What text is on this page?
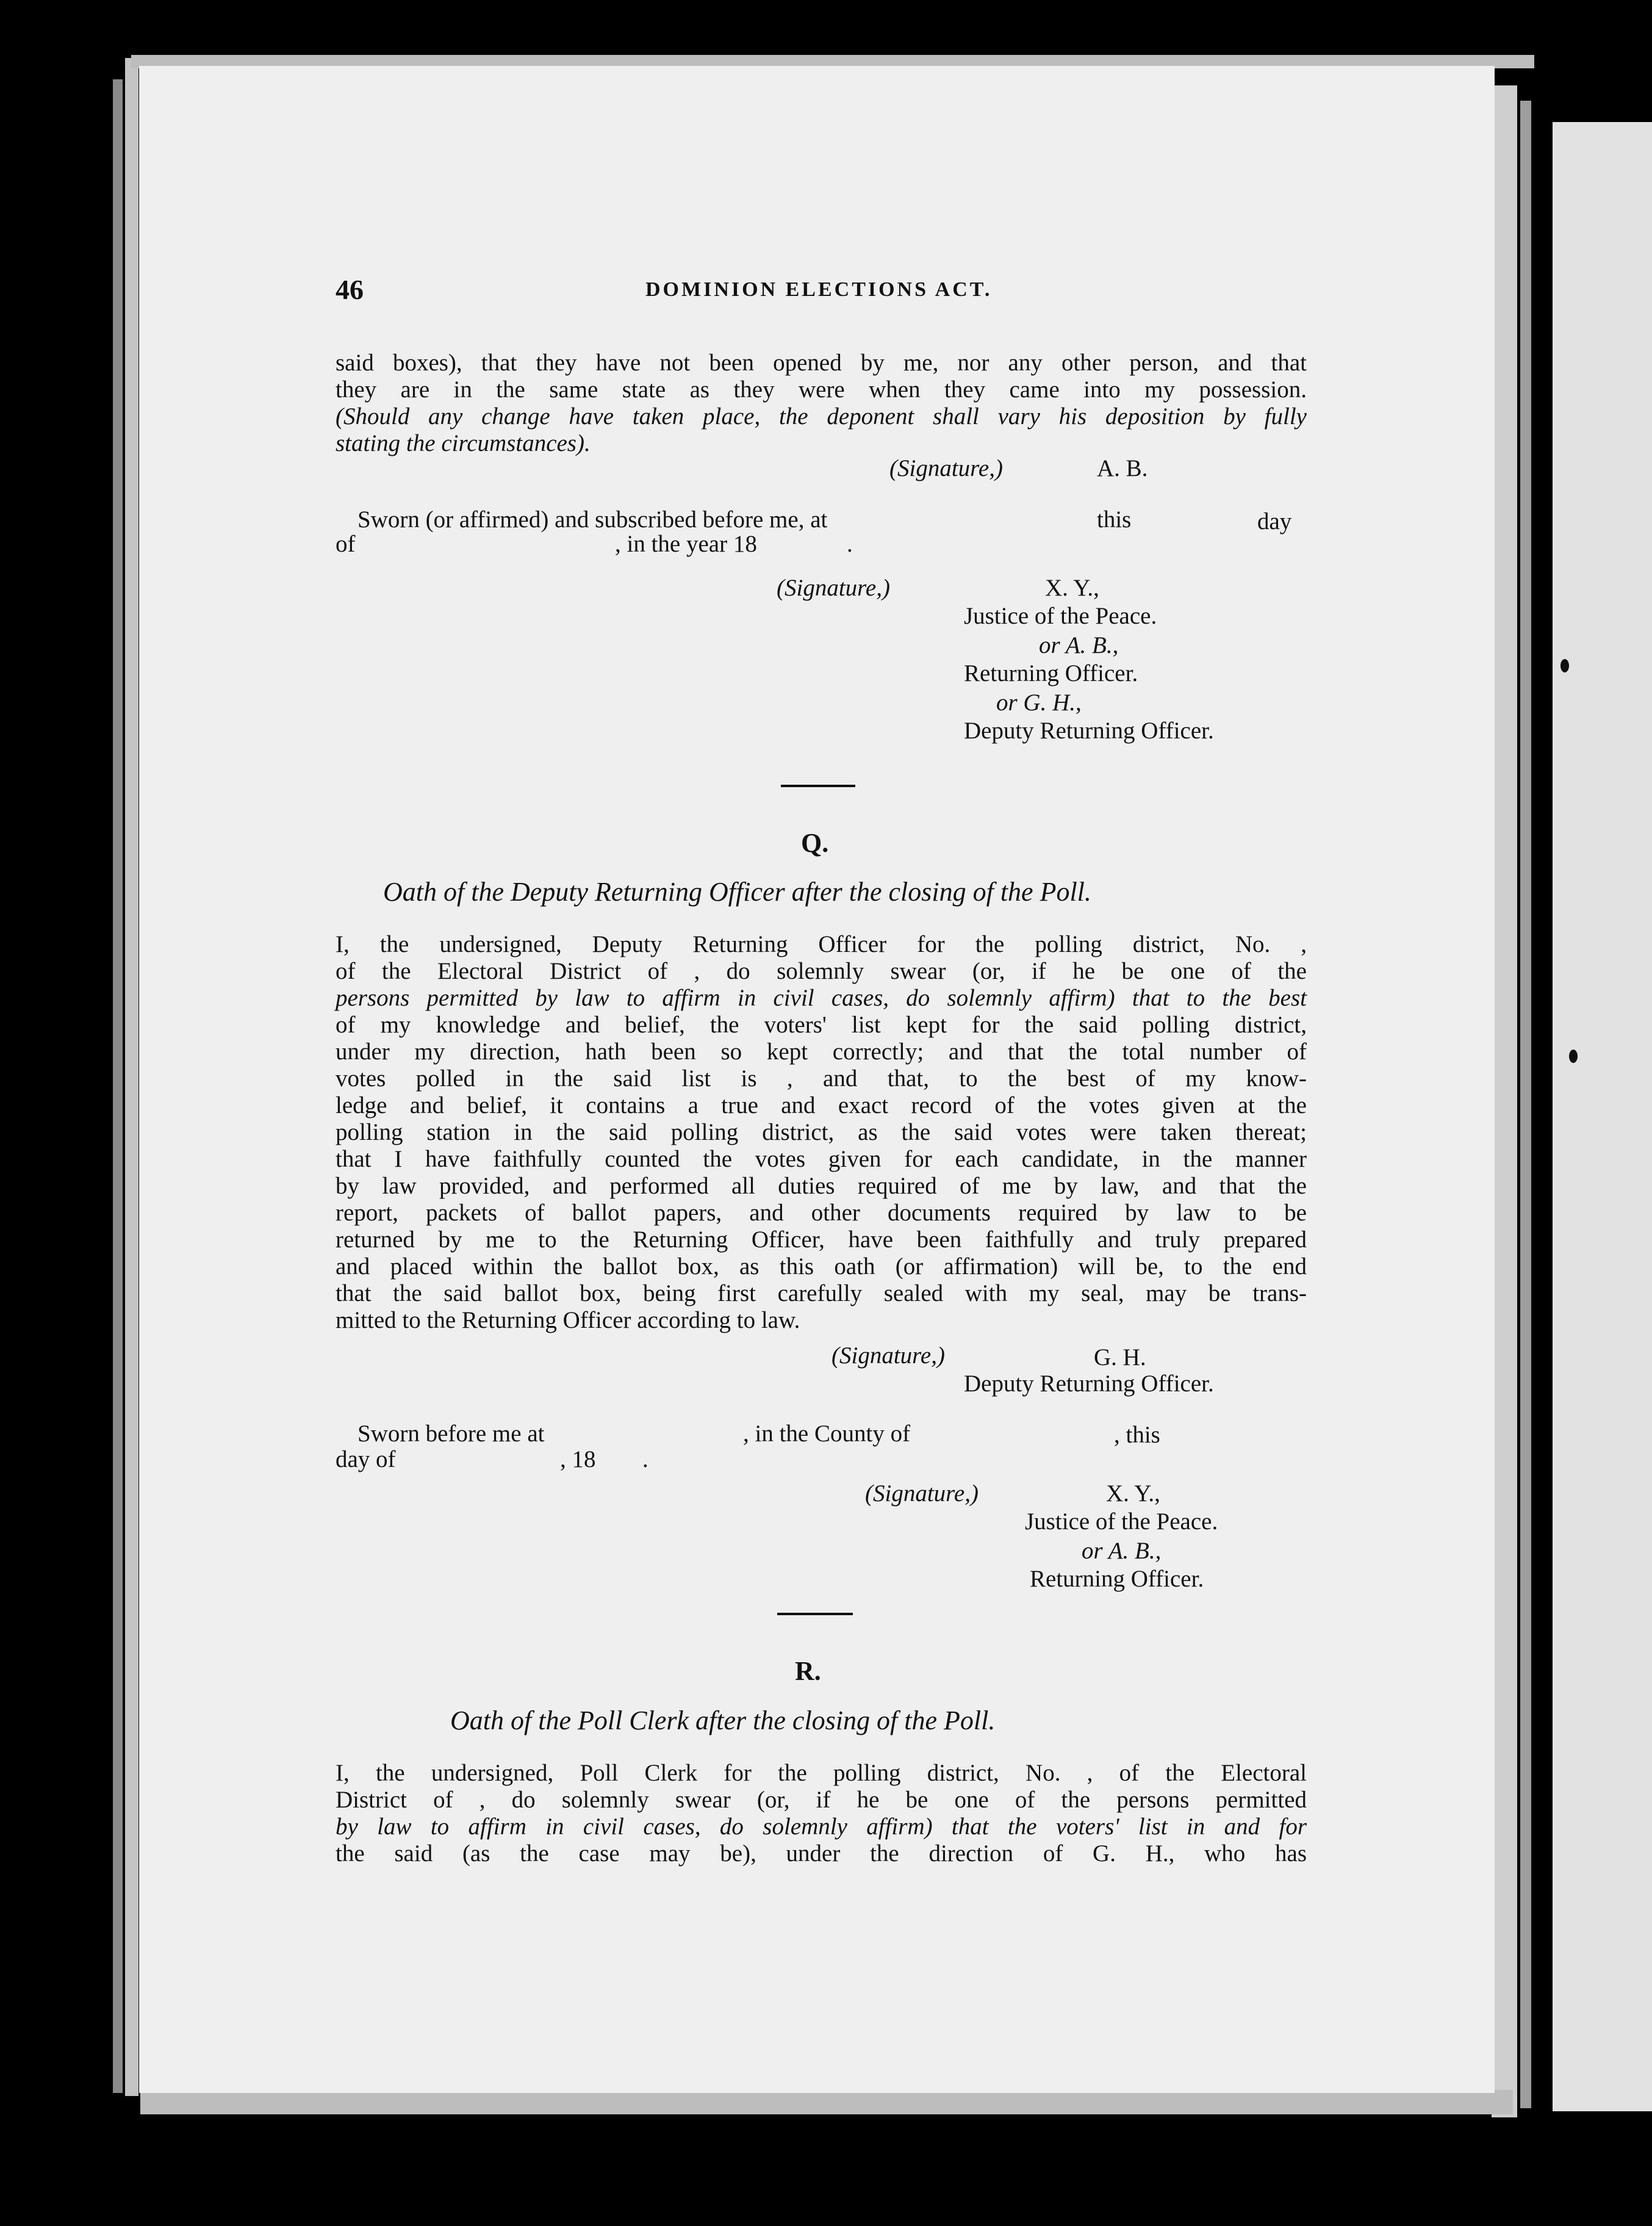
46	DOMINION ELECTIONS ACT.
said boxes), that they have not been opened by me, nor any other person, and that
they are in the same state as they were when they came into my possession.
(Should any change have taken place, the deponent shall vary his deposition by fully
stating the circumstances).
(Signature,)	A. B.
Sworn (or affirmed) and subscribed before me, at	this	day
of	, in the year 18	.
(Signature,)	X. Y.,
Justice of the Peace.
or A. B.,
Returning Officer.
or G. H.,
Deputy Returning Officer.
Q.
Oath of the Deputy Returning Officer after the closing of the Poll.
I, the undersigned, Deputy Returning Officer for the polling district, No. ,
of the Electoral District of , do solemnly swear (or, if he be one of the
persons permitted by law to affirm in civil cases, do solemnly affirm) that to the best
of my knowledge and belief, the voters' list kept for the said polling district,
under my direction, hath been so kept correctly; and that the total number of
votes polled in the said list is , and that, to the best of my know-
ledge and belief, it contains a true and exact record of the votes given at the
polling station in the said polling district, as the said votes were taken thereat;
that I have faithfully counted the votes given for each candidate, in the manner
by law provided, and performed all duties required of me by law, and that the
report, packets of ballot papers, and other documents required by law to be
returned by me to the Returning Officer, have been faithfully and truly prepared
and placed within the ballot box, as this oath (or affirmation) will be, to the end
that the said ballot box, being first carefully sealed with my seal, may be trans-
mitted to the Returning Officer according to law.
(Signature,)	G. H.
Deputy Returning Officer.
Sworn before me at	, in the County of	, this
day of	, 18 .
(Signature,)	X. Y.,
Justice of the Peace.
or A. B.,
Returning Officer.
R.
Oath of the Poll Clerk after the closing of the Poll.
I, the undersigned, Poll Clerk for the polling district, No. , of the Electoral
District of , do solemnly swear (or, if he be one of the persons permitted
by law to affirm in civil cases, do solemnly affirm) that the voters' list in and for
the said (as the case may be), under the direction of G. H., who has
